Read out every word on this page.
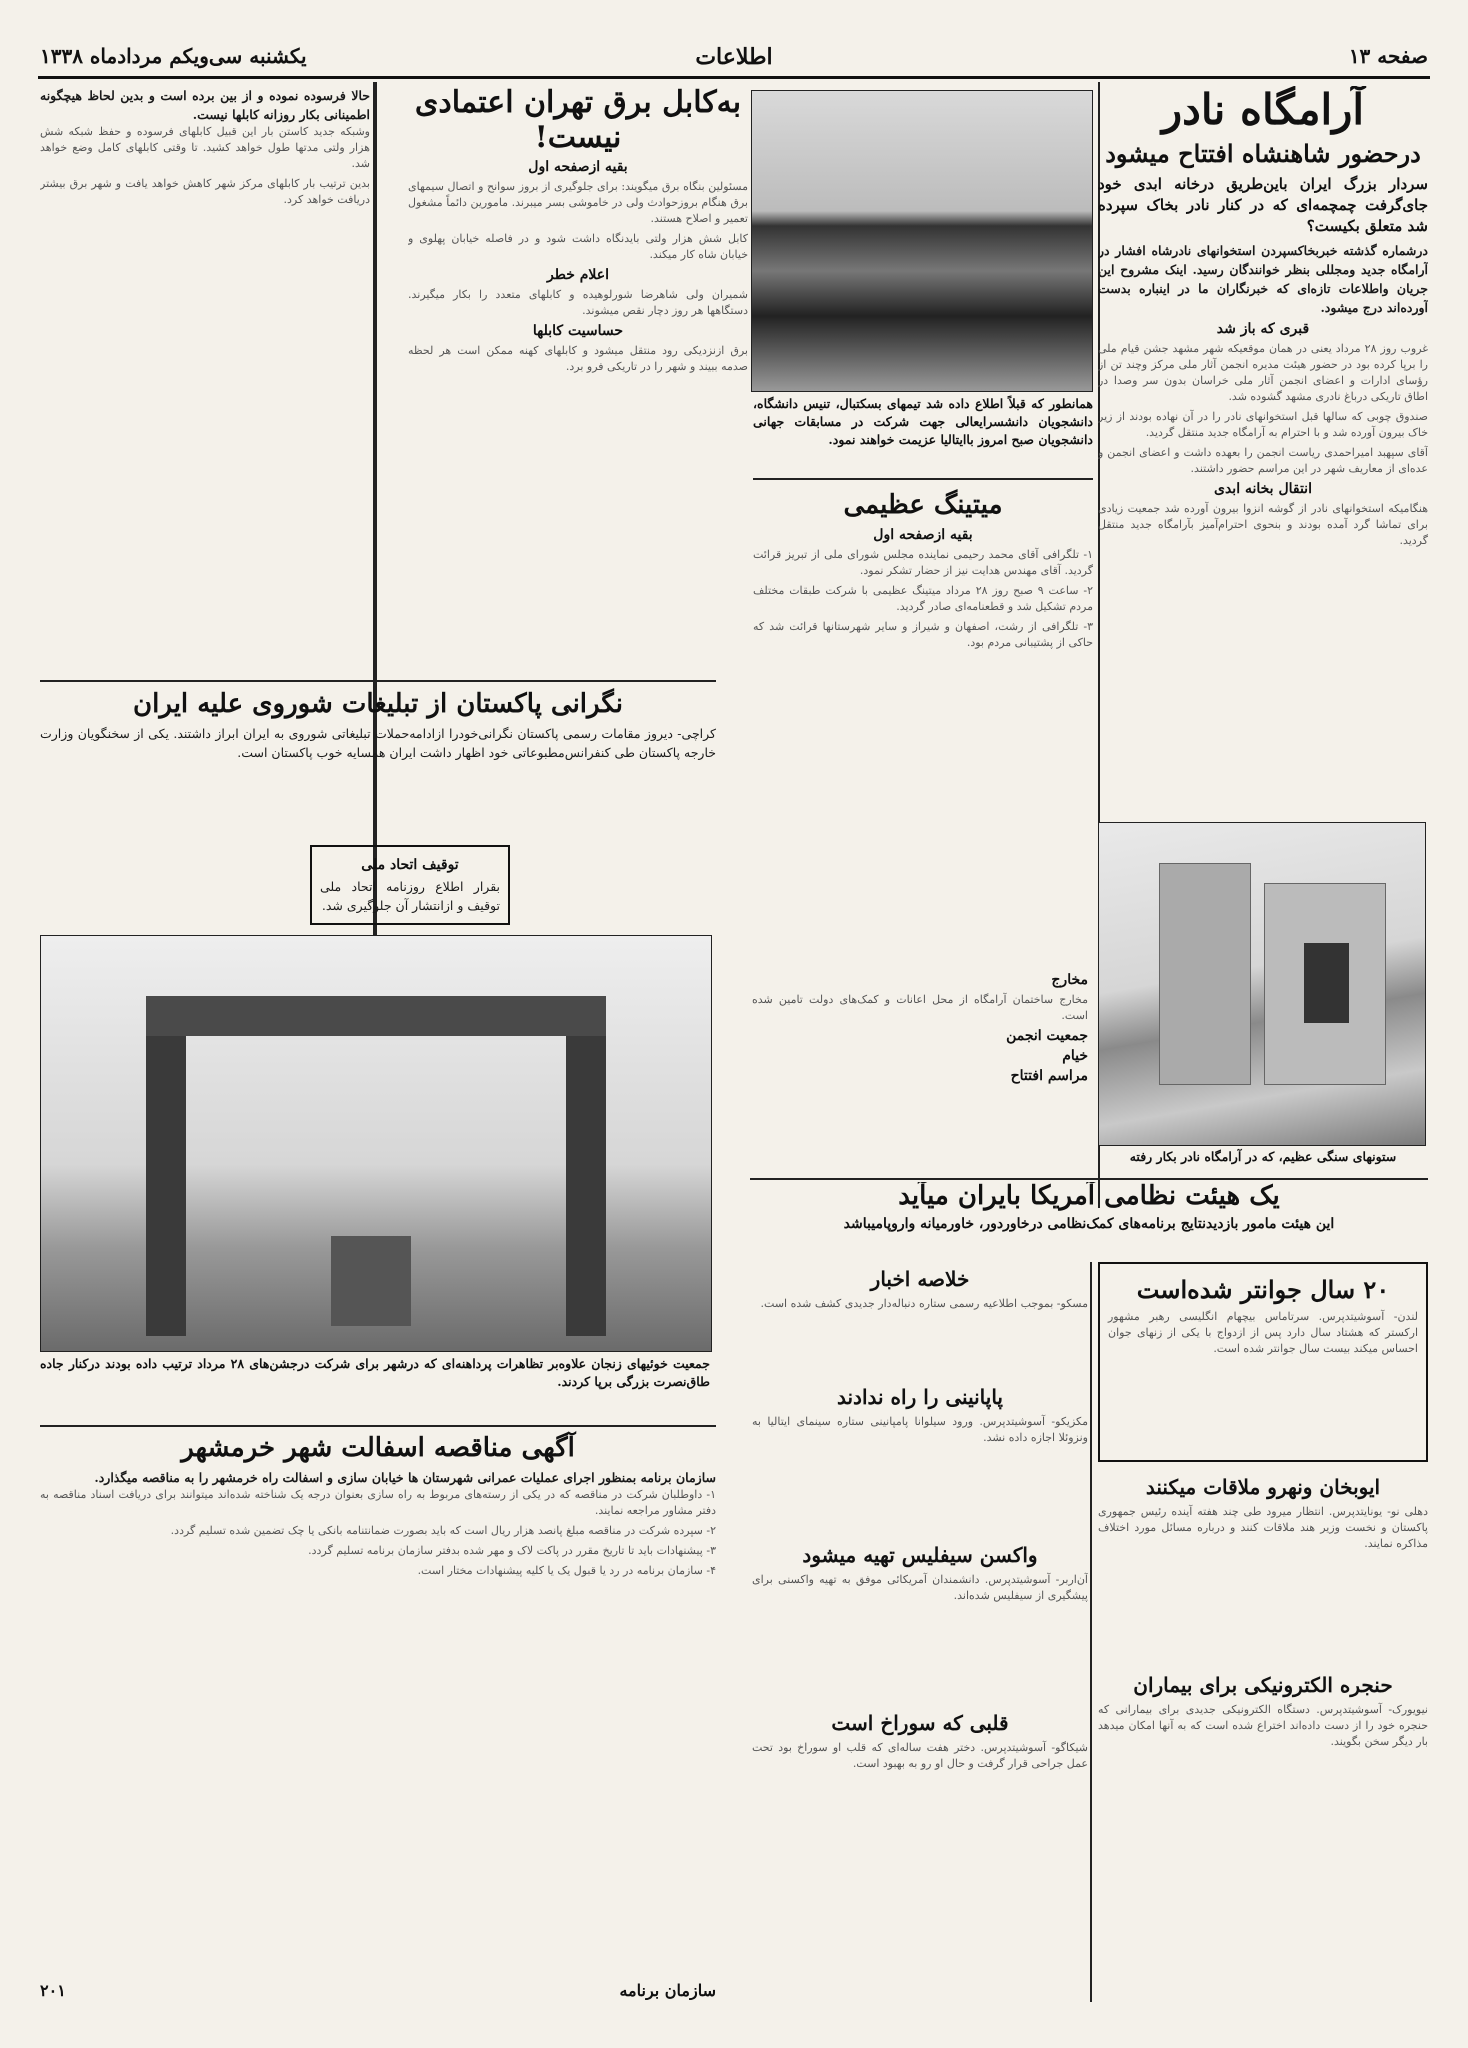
صفحه ۱۳
اطلاعات
یکشنبه سی‌ویکم مردادماه ۱۳۳۸
آرامگاه نادر
درحضور شاهنشاه افتتاح میشود
سردار بزرگ ایران باین‌طریق درخانه ابدی خود جای‌گرفت چمچمه‌ای که در کنار نادر بخاک سپرده شد متعلق بکیست؟
درشماره گذشته خبربخاکسپردن استخوانهای نادرشاه افشار در آرامگاه جدید ومجللی بنظر خوانندگان رسید. اینک مشروح این جریان واطلاعات تازه‌ای که خبرنگاران ما در اینباره بدست آورده‌اند درج میشود.
قبری که باز شد

غروب روز ۲۸ مرداد یعنی در همان موقعیکه شهر مشهد جشن قیام ملی را برپا کرده بود در حضور هیئت مدیره انجمن آثار ملی مرکز وچند تن از رؤسای ادارات و اعضای انجمن آثار ملی خراسان بدون سر وصدا در اطاق تاریکی درباغ نادری مشهد گشوده شد.

صندوق چوبی که سالها قبل استخوانهای نادر را در آن نهاده بودند از زیر خاک بیرون آورده شد و با احترام به آرامگاه جدید منتقل گردید.

آقای سپهبد امیراحمدی ریاست انجمن را بعهده داشت و اعضای انجمن و عده‌ای از معاریف شهر در این مراسم حضور داشتند.

انتقال بخانه ابدی

هنگامیکه استخوانهای نادر از گوشه انزوا بیرون آورده شد جمعیت زیادی برای تماشا گرد آمده بودند و بنحوی احترام‌آمیز بآرامگاه جدید منتقل گردید.

ستونهای سنگی عظیم، که در آرامگاه نادر بکار رفته
همانطور که قبلاً اطلاع داده شد تیمهای بسکتبال، تنیس دانشگاه، دانشجویان دانشسرایعالی جهت شرکت در مسابقات جهانی دانشجویان صبح امروز باایتالیا عزیمت خواهند نمود.
به‌کابل برق تهران اعتمادی نیست!
بقیه ازصفحه اول

مسئولین بنگاه برق میگویند: برای جلوگیری از بروز سوانح و اتصال سیمهای برق هنگام بروزحوادث ولی در خاموشی بسر میبرند. مامورین دائماً مشغول تعمیر و اصلاح هستند.

کابل شش هزار ولتی بایدنگاه داشت شود و در فاصله خیابان پهلوی و خیابان شاه کار میکند.

اعلام خطر

شمیران ولی شاهرضا شورلوهیده و کابلهای متعدد را بکار میگیرند. دستگاهها هر روز دچار نقص میشوند.

حساسیت کابلها

برق ازنزدیکی رود منتقل میشود و کابلهای کهنه ممکن است هر لحظه صدمه ببیند و شهر را در تاریکی فرو برد.

حالا فرسوده نموده و از بین برده است و بدین لحاظ هیچگونه اطمینانی بکار روزانه کابلها نیست.

وشبکه جدید کاستن بار این قبیل کابلهای فرسوده و حفظ شبکه شش هزار ولتی مدتها طول خواهد کشید. تا وقتی کابلهای کامل وضع خواهد شد.

بدین ترتیب بار کابلهای مرکز شهر کاهش خواهد یافت و شهر برق بیشتر دریافت خواهد کرد.

نگرانی پاکستان از تبلیغات شوروی علیه ایران
کراچی- دیروز مقامات رسمی پاکستان نگرانی‌خودرا ازادامه‌حملات تبلیغاتی شوروی به ایران ابراز داشتند. یکی از سخنگویان وزارت خارجه پاکستان طی کنفرانس‌مطبوعاتی خود اظهار داشت ایران همسایه خوب پاکستان است.
توقیف اتحاد ملی
بقرار اطلاع روزنامه اتحاد ملی توقیف و ازانتشار آن جلوگیری شد.
جمعیت خوئیهای زنجان علاوه‌بر تظاهرات پرداهنه‌ای که درشهر برای شرکت درجشن‌های ۲۸ مرداد ترتیب داده بودند درکنار جاده طاق‌نصرت بزرگی برپا کردند.
آگهی مناقصه اسفالت شهر خرمشهر
سازمان برنامه بمنظور اجرای عملیات عمرانی شهرستان ها خیابان سازی و اسفالت راه خرمشهر را به مناقصه میگذارد.

۱- داوطلبان شرکت در مناقصه که در یکی از رسته‌های مربوط به راه سازی بعنوان درجه یک شناخته شده‌اند میتوانند برای دریافت اسناد مناقصه به دفتر مشاور مراجعه نمایند.

۲- سپرده شرکت در مناقصه مبلغ پانصد هزار ریال است که باید بصورت ضمانتنامه بانکی یا چک تضمین شده تسلیم گردد.

۳- پیشنهادات باید تا تاریخ مقرر در پاکت لاک و مهر شده بدفتر سازمان برنامه تسلیم گردد.

۴- سازمان برنامه در رد یا قبول یک یا کلیه پیشنهادات مختار است.

سازمان برنامه
۲۰۱
میتینگ عظیمی
بقیه ازصفحه اول

۱- تلگرافی آقای محمد رحیمی نماینده مجلس شورای ملی از تبریز قرائت گردید. آقای مهندس هدایت نیز از حضار تشکر نمود.

۲- ساعت ۹ صبح روز ۲۸ مرداد میتینگ عظیمی با شرکت طبقات مختلف مردم تشکیل شد و قطعنامه‌ای صادر گردید.

۳- تلگرافی از رشت، اصفهان و شیراز و سایر شهرستانها قرائت شد که حاکی از پشتیبانی مردم بود.

یک هیئت نظامی آمریکا بایران میآید
این هیئت مامور بازدیدنتایج برنامه‌های کمک‌نظامی درخاوردور، خاورمیانه واروپامیباشد
۲۰ سال جوانتر شده‌است

لندن- آسوشیتدپرس. سرتاماس بیچهام انگلیسی رهبر مشهور ارکستر که هشتاد سال دارد پس از ازدواج با یکی از زنهای جوان احساس میکند بیست سال جوانتر شده است.

ایوبخان ونهرو ملاقات میکنند

دهلی نو- یونایتدپرس. انتظار میرود طی چند هفته آینده رئیس جمهوری پاکستان و نخست وزیر هند ملاقات کنند و درباره مسائل مورد اختلاف مذاکره نمایند.

حنجره الکترونیکی برای بیماران

نیویورک- آسوشیتدپرس. دستگاه الکترونیکی جدیدی برای بیمارانی که حنجره خود را از دست داده‌اند اختراع شده است که به آنها امکان میدهد بار دیگر سخن بگویند.

خلاصه اخبار

مسکو- بموجب اطلاعیه رسمی ستاره دنباله‌دار جدیدی کشف شده است.

پاپانینی را راه ندادند

مکزیکو- آسوشیتدپرس. ورود سیلوانا پامپانینی ستاره سینمای ایتالیا به ونزوئلا اجازه داده نشد.

واکسن سیفلیس تهیه میشود

آن‌اربر- آسوشیتدپرس. دانشمندان آمریکائی موفق به تهیه واکسنی برای پیشگیری از سیفلیس شده‌اند.

قلبی که سوراخ است

شیکاگو- آسوشیتدپرس. دختر هفت ساله‌ای که قلب او سوراخ بود تحت عمل جراحی قرار گرفت و حال او رو به بهبود است.

مخارج

مخارج ساختمان آرامگاه از محل اعانات و کمک‌های دولت تامین شده است.

جمعیت انجمن
خیام
مراسم افتتاح
